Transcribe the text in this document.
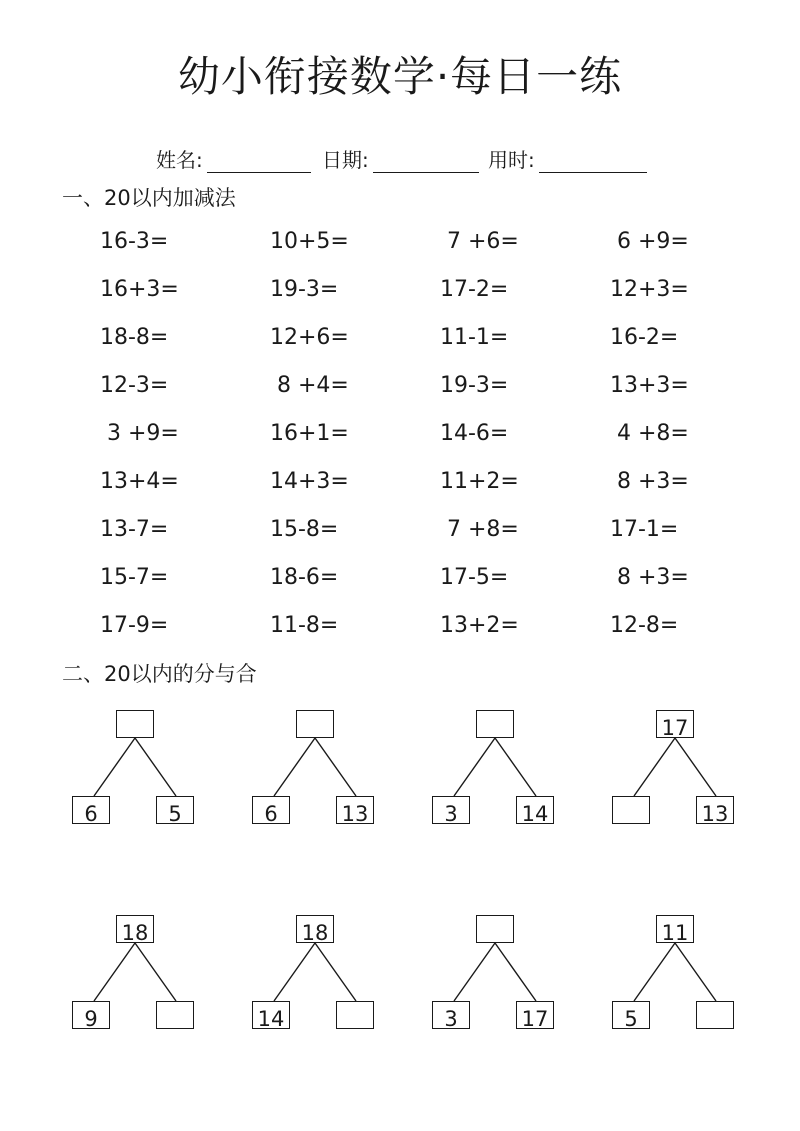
幼小衔接数学·每日一练
姓名:	日期:	用时:
一、20以内加减法
16-3=	10+5=	7 +6=	6 +9=
16+3=	19-3=	17-2=	12+3=
18-8=	12+6=	11-1=	16-2=
12-3=	8 +4=	19-3=	13+3=
3 +9=	16+1=	14-6=	4 +8=
13+4=	14+3=	11+2=	8 +3=
13-7=	15-8=	7 +8=	17-1=
15-7=	18-6=	17-5=	8 +3=
17-9=	11-8=	13+2=	12-8=
二、20以内的分与合
6	5	6	13	3	14
17
13
18
9
18
14	3	17
11
5
